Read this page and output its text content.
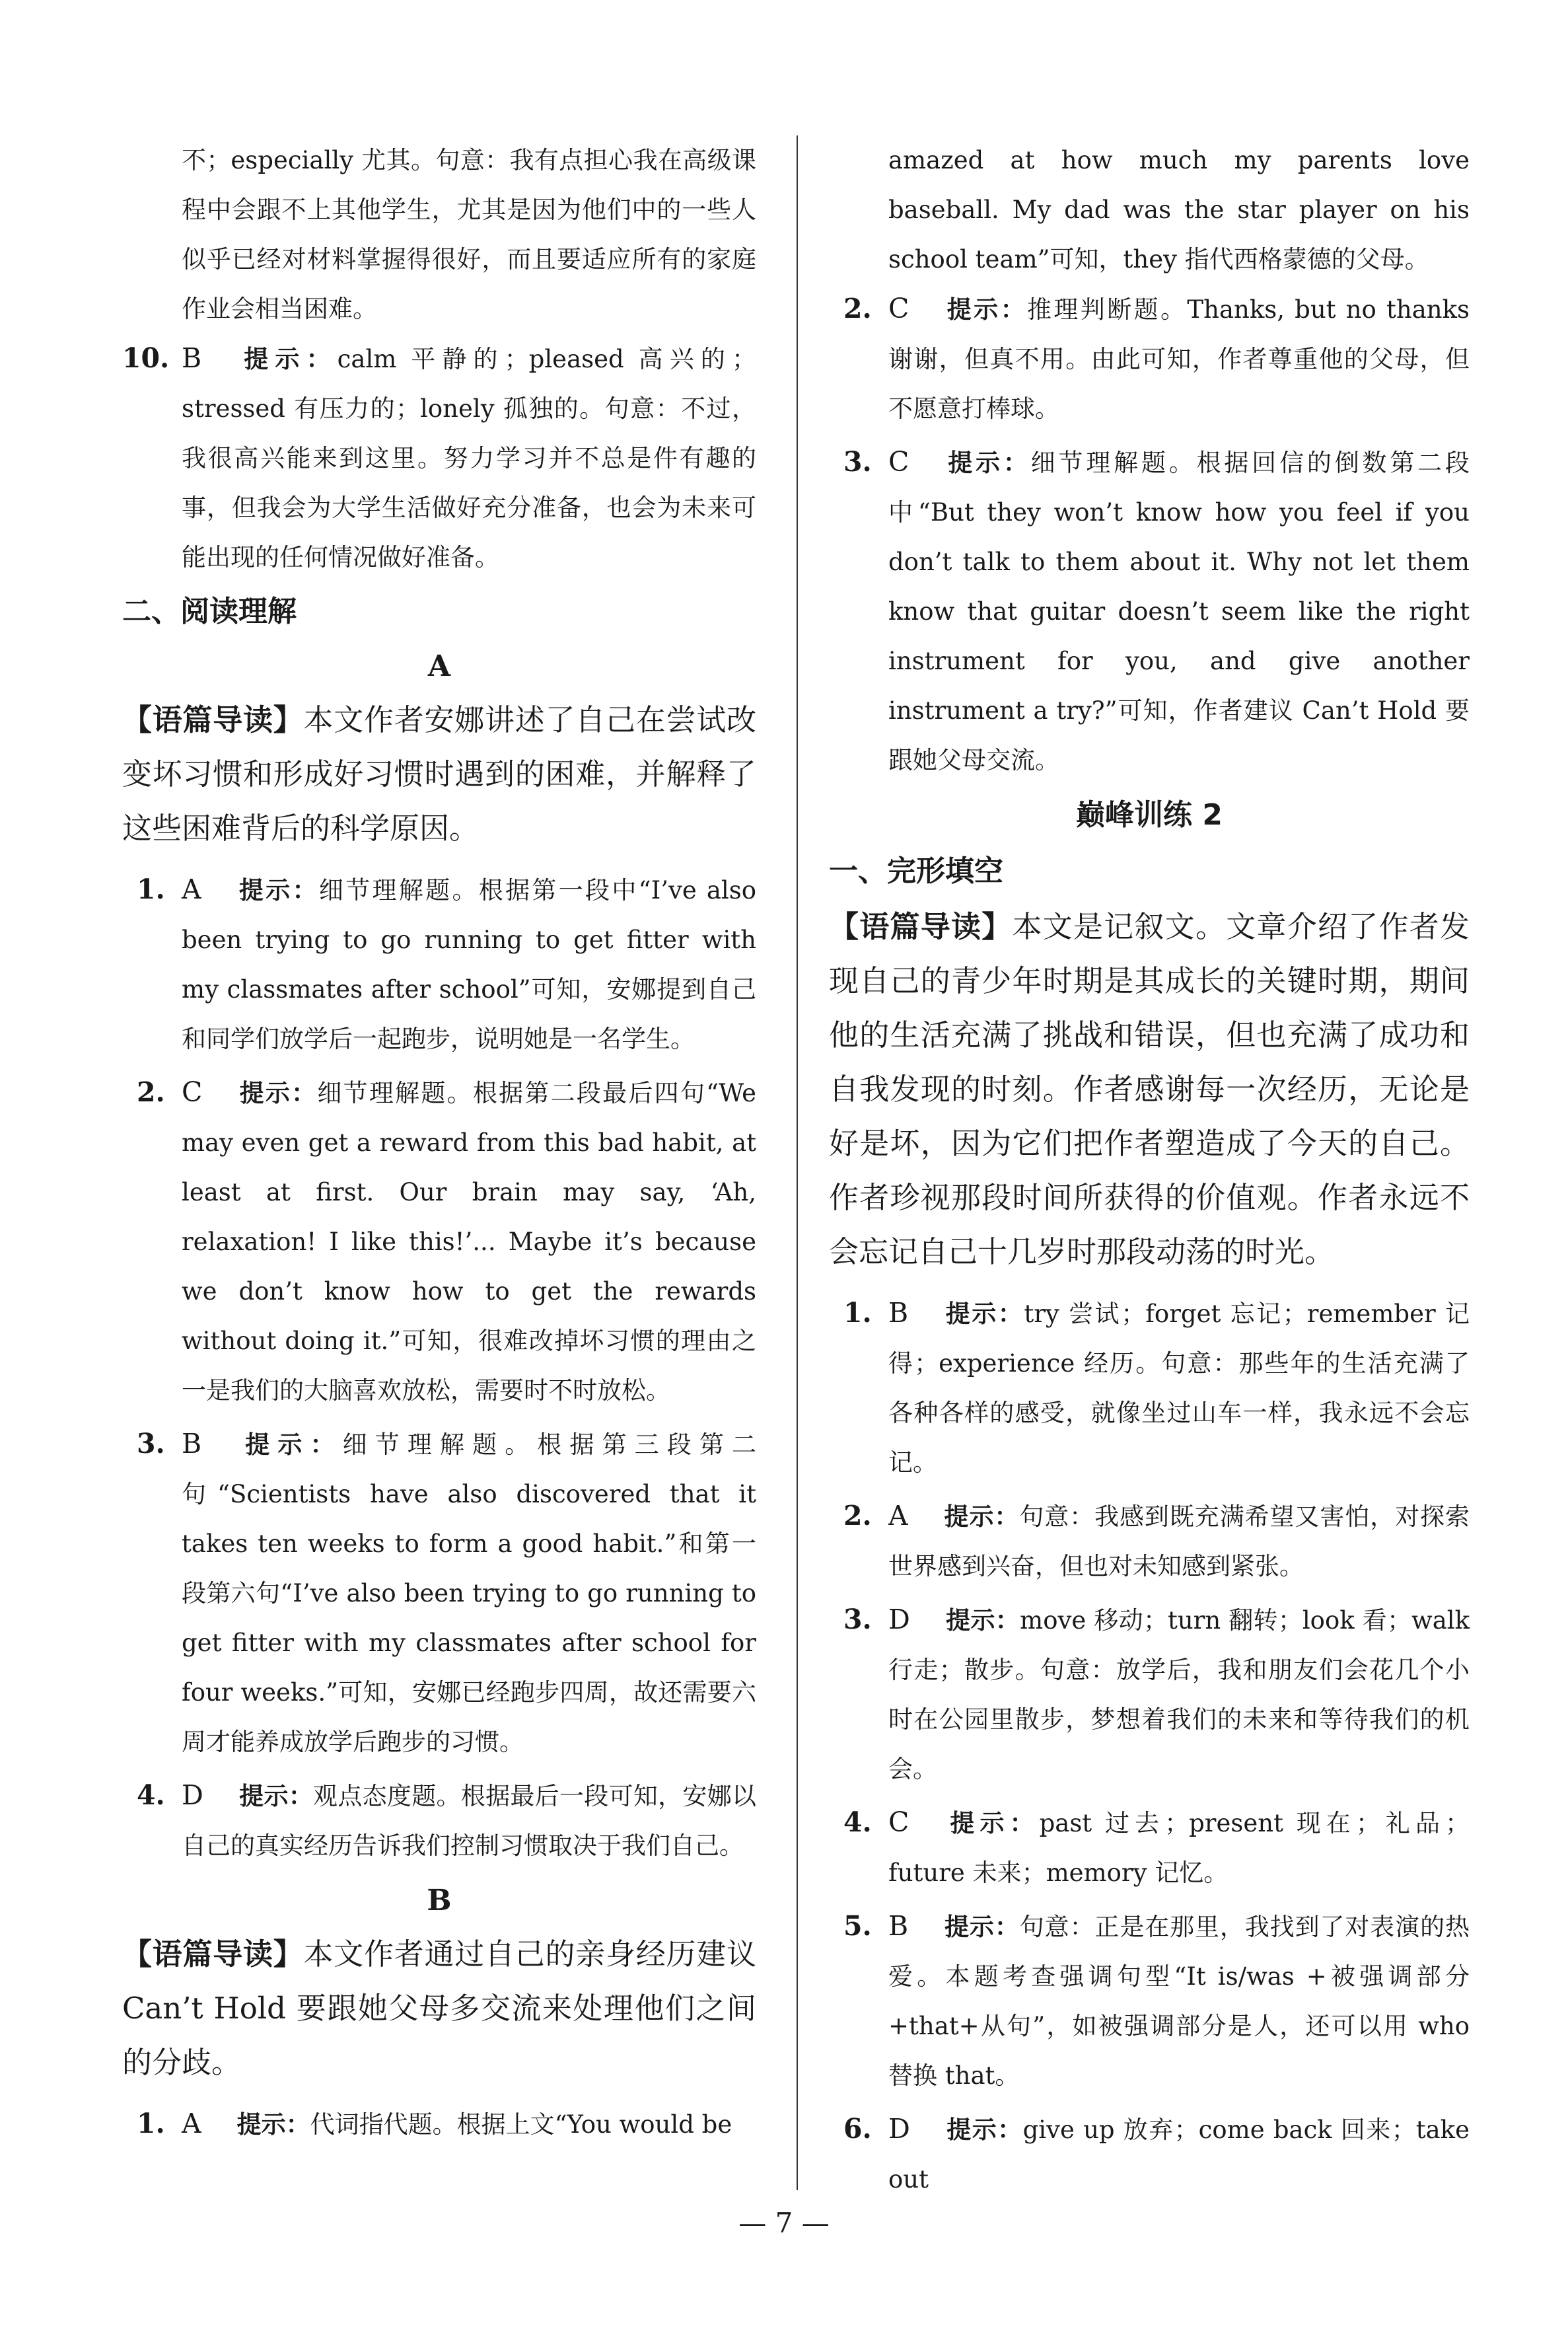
不；especially 尤其。句意：我有点担心我在高级课程中会跟不上其他学生，尤其是因为他们中的一些人似乎已经对材料掌握得很好，而且要适应所有的家庭作业会相当困难。

10. B 提示：calm 平静的；pleased 高兴的；stressed 有压力的；lonely 孤独的。句意：不过，我很高兴能来到这里。努力学习并不总是件有趣的事，但我会为大学生活做好充分准备，也会为未来可能出现的任何情况做好准备。
二、阅读理解

A

【语篇导读】本文作者安娜讲述了自己在尝试改变坏习惯和形成好习惯时遇到的困难，并解释了这些困难背后的科学原因。

1. A 提示：细节理解题。根据第一段中“I’ve also been trying to go running to get fitter with my classmates after school”可知，安娜提到自己和同学们放学后一起跑步，说明她是一名学生。
2. C 提示：细节理解题。根据第二段最后四句“We may even get a reward from this bad habit, at least at first. Our brain may say, ‘Ah, relaxation! I like this!’... Maybe it’s because we don’t know how to get the rewards without doing it.”可知，很难改掉坏习惯的理由之一是我们的大脑喜欢放松，需要时不时放松。
3. B 提示：细节理解题。根据第三段第二句“Scientists have also discovered that it takes ten weeks to form a good habit.”和第一段第六句“I’ve also been trying to go running to get fitter with my classmates after school for four weeks.”可知，安娜已经跑步四周，故还需要六周才能养成放学后跑步的习惯。
4. D 提示：观点态度题。根据最后一段可知，安娜以自己的真实经历告诉我们控制习惯取决于我们自己。

B

【语篇导读】本文作者通过自己的亲身经历建议 Can’t Hold 要跟她父母多交流来处理他们之间的分歧。

1. A 提示：代词指代题。根据上文“You would be

amazed at how much my parents love baseball. My dad was the star player on his school team”可知，they 指代西格蒙德的父母。

2. C 提示：推理判断题。Thanks, but no thanks 谢谢，但真不用。由此可知，作者尊重他的父母，但不愿意打棒球。
3. C 提示：细节理解题。根据回信的倒数第二段中“But they won’t know how you feel if you don’t talk to them about it. Why not let them know that guitar doesn’t seem like the right instrument for you, and give another instrument a try?”可知，作者建议 Can’t Hold 要跟她父母交流。

巅峰训练 2

一、完形填空

【语篇导读】本文是记叙文。文章介绍了作者发现自己的青少年时期是其成长的关键时期，期间他的生活充满了挑战和错误，但也充满了成功和自我发现的时刻。作者感谢每一次经历，无论是好是坏，因为它们把作者塑造成了今天的自己。作者珍视那段时间所获得的价值观。作者永远不会忘记自己十几岁时那段动荡的时光。

1. B 提示：try 尝试；forget 忘记；remember 记得；experience 经历。句意：那些年的生活充满了各种各样的感受，就像坐过山车一样，我永远不会忘记。
2. A 提示：句意：我感到既充满希望又害怕，对探索世界感到兴奋，但也对未知感到紧张。
3. D 提示：move 移动；turn 翻转；look 看；walk 行走；散步。句意：放学后，我和朋友们会花几个小时在公园里散步，梦想着我们的未来和等待我们的机会。
4. C 提示：past 过去；present 现在；礼品；future 未来；memory 记忆。
5. B 提示：句意：正是在那里，我找到了对表演的热爱。本题考查强调句型“It is/was +被强调部分+that+从句”，如被强调部分是人，还可以用 who 替换 that。
6. D 提示：give up 放弃；come back 回来；take out
— 7 —
